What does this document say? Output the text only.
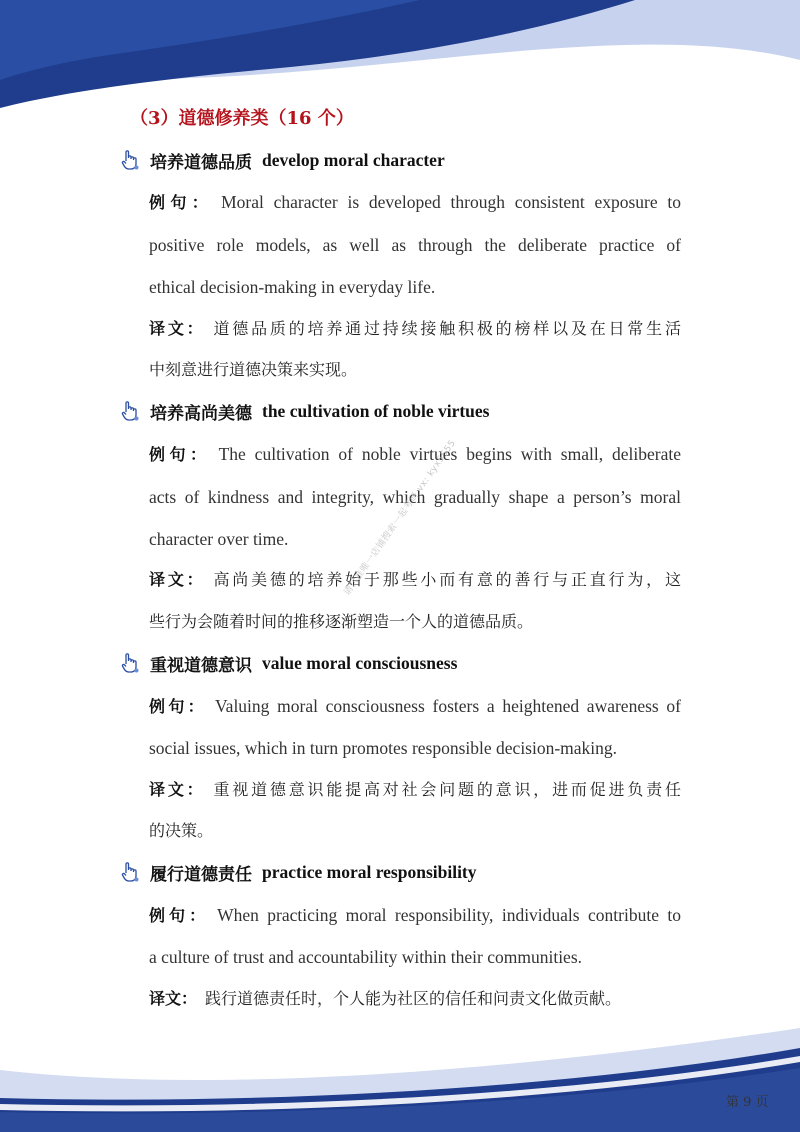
（3）道德修养类（16 个）
培养道德品质 develop moral character
例句： Moral character is developed through consistent exposure to
positive role models, as well as through the deliberate practice of
ethical decision-making in everyday life.
译文： 道德品质的培养通过持续接触积极的榜样以及在日常生活
中刻意进行道德决策来实现。
培养高尚美德 the cultivation of noble virtues
例句： The cultivation of noble virtues begins with small, deliberate
acts of kindness and integrity, which gradually shape a person’s moral
character over time.
译文： 高尚美德的培养始于那些小而有意的善行与正直行为，这
些行为会随着时间的推移逐渐塑造一个人的道德品质。
重视道德意识 value moral consciousness
例句： Valuing moral consciousness fosters a heightened awareness of
social issues, which in turn promotes responsible decision-making.
译文： 重视道德意识能提高对社会问题的意识，进而促进负责任
的决策。
履行道德责任 practice moral responsibility
例句： When practicing moral responsibility, individuals contribute to
a culture of trust and accountability within their communities.
译文： 践行道德责任时，个人能为社区的信任和问责文化做贡献。
第 9 页
请认准唯一店铺搜索一起考研 vx: kyx5555
